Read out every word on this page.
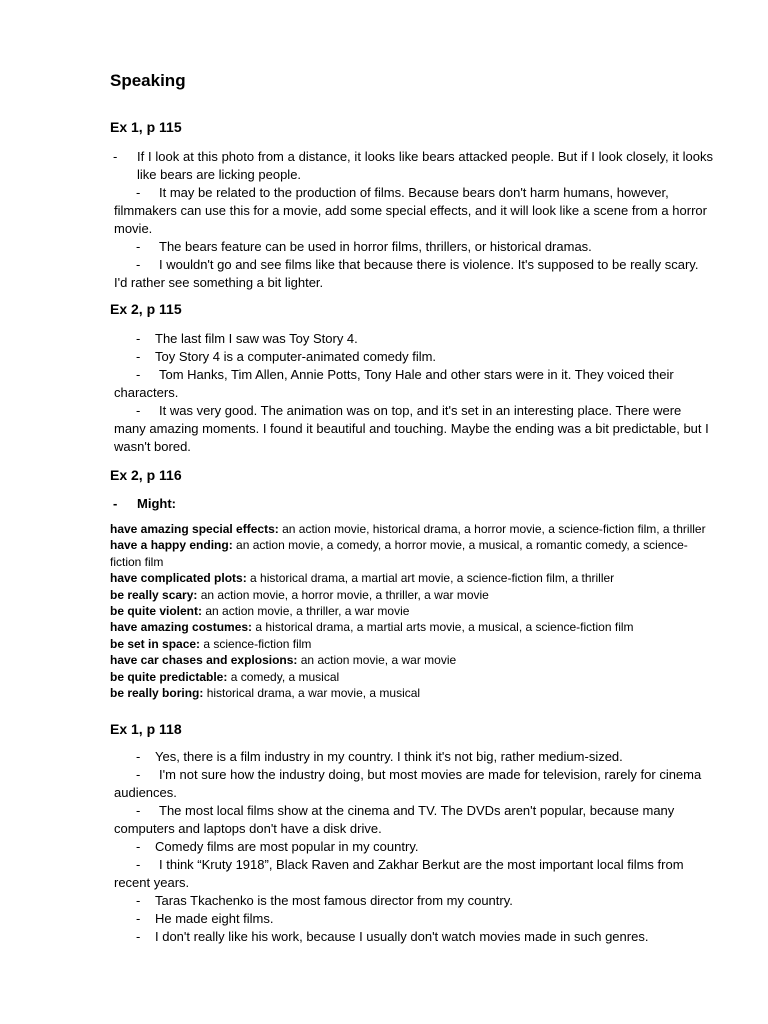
Speaking
Ex 1, p 115

- If I look at this photo from a distance, it looks like bears attacked people. But if I look closely, it looks like bears are licking people.

- It may be related to the production of films. Because bears don't harm humans, however, filmmakers can use this for a movie, add some special effects, and it will look like a scene from a horror movie.

- The bears feature can be used in horror films, thrillers, or historical dramas.

- I wouldn't go and see films like that because there is violence. It's supposed to be really scary. I'd rather see something a bit lighter.

Ex 2, p 115

- The last film I saw was Toy Story 4.

- Toy Story 4 is a computer-animated comedy film.

- Tom Hanks, Tim Allen, Annie Potts, Tony Hale and other stars were in it. They voiced their characters.

- It was very good. The animation was on top, and it's set in an interesting place. There were many amazing moments. I found it beautiful and touching. Maybe the ending was a bit predictable, but I wasn't bored.

Ex 2, p 116

- Might:

have amazing special effects: an action movie, historical drama, a horror movie, a science-fiction film, a thriller

have a happy ending: an action movie, a comedy, a horror movie, a musical, a romantic comedy, a science-fiction film

have complicated plots: a historical drama, a martial art movie, a science-fiction film, a thriller

be really scary: an action movie, a horror movie, a thriller, a war movie

be quite violent: an action movie, a thriller, a war movie

have amazing costumes: a historical drama, a martial arts movie, a musical, a science-fiction film

be set in space: a science-fiction film

have car chases and explosions: an action movie, a war movie

be quite predictable: a comedy, a musical

be really boring: historical drama, a war movie, a musical

Ex 1, p 118

- Yes, there is a film industry in my country. I think it's not big, rather medium-sized.

- I'm not sure how the industry doing, but most movies are made for television, rarely for cinema audiences.

- The most local films show at the cinema and TV. The DVDs aren't popular, because many computers and laptops don't have a disk drive.

- Comedy films are most popular in my country.

- I think “Kruty 1918”, Black Raven and Zakhar Berkut are the most important local films from recent years.

- Taras Tkachenko is the most famous director from my country.

- He made eight films.

- I don't really like his work, because I usually don't watch movies made in such genres.
